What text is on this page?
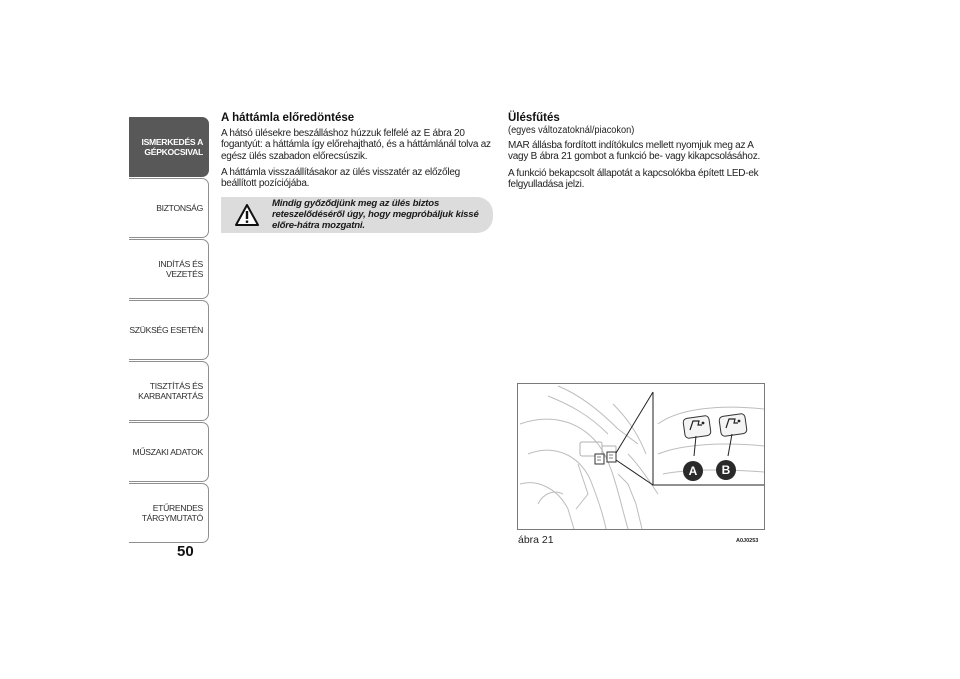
ISMERKEDÉS A
GÉPKOCSIVAL
BIZTONSÁG
INDÍTÁS ÉS VEZETÉS
SZÜKSÉG ESETÉN
TISZTÍTÁS ÉS
KARBANTARTÁS
MŰSZAKI ADATOK
ETŰRENDES
TÁRGYMUTATÓ
50
A háttámla előredöntése

A hátsó ülésekre beszálláshoz húzzuk felfelé az E ábra 20 fogantyút: a háttámla így előrehajtható, és a háttámlánál tolva az egész ülés szabadon előrecsúszik.

A háttámla visszaállításakor az ülés visszatér az előzőleg beállított pozíciójába.

Mindig győződjünk meg az ülés biztos reteszelődéséről úgy, hogy megpróbáljuk kissé előre-hátra mozgatni.
Ülésfűtés
(egyes változatoknál/piacokon)

MAR állásba fordított indítókulcs mellett nyomjuk meg az A vagy B ábra 21 gombot a funkció be- vagy kikapcsolásához.

A funkció bekapcsolt állapotát a kapcsolókba épített LED-ek felgyulladása jelzi.

A B
ábra 21	A0J0253
